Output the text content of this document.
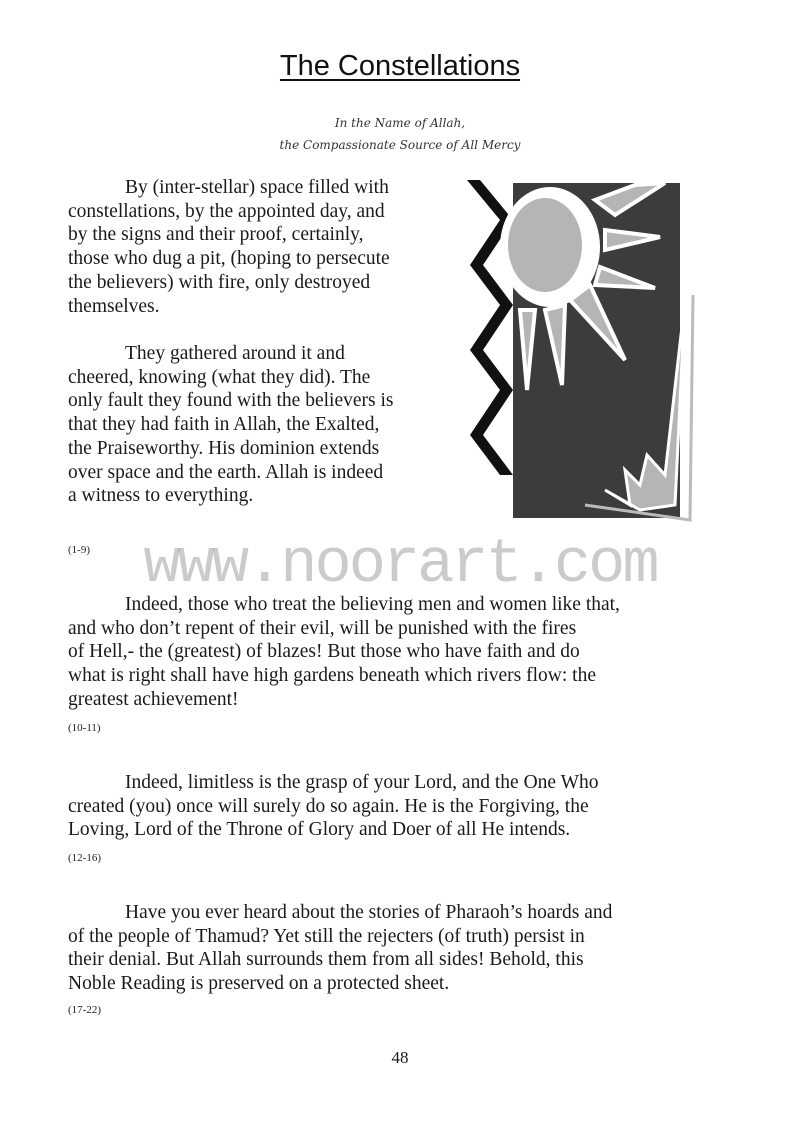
The Constellations
In the Name of Allah,
the Compassionate Source of All Mercy
By (inter-stellar) space filled with
constellations, by the appointed day, and
by the signs and their proof, certainly,
those who dug a pit, (hoping to persecute
the believers) with fire, only destroyed
themselves.
They gathered around it and
cheered, knowing (what they did). The
only fault they found with the believers is
that they had faith in Allah, the Exalted,
the Praiseworthy. His dominion extends
over space and the earth. Allah is indeed
a witness to everything.
(1-9)
Indeed, those who treat the believing men and women like that,
and who don’t repent of their evil, will be punished with the fires
of Hell,- the (greatest) of blazes! But those who have faith and do
what is right shall have high gardens beneath which rivers flow: the
greatest achievement!
(10-11)
Indeed, limitless is the grasp of your Lord, and the One Who
created (you) once will surely do so again. He is the Forgiving, the
Loving, Lord of the Throne of Glory and Doer of all He intends.
(12-16)
Have you ever heard about the stories of Pharaoh’s hoards and
of the people of Thamud? Yet still the rejecters (of truth) persist in
their denial. But Allah surrounds them from all sides! Behold, this
Noble Reading is preserved on a protected sheet.
(17-22)
www.noorart.com
48
